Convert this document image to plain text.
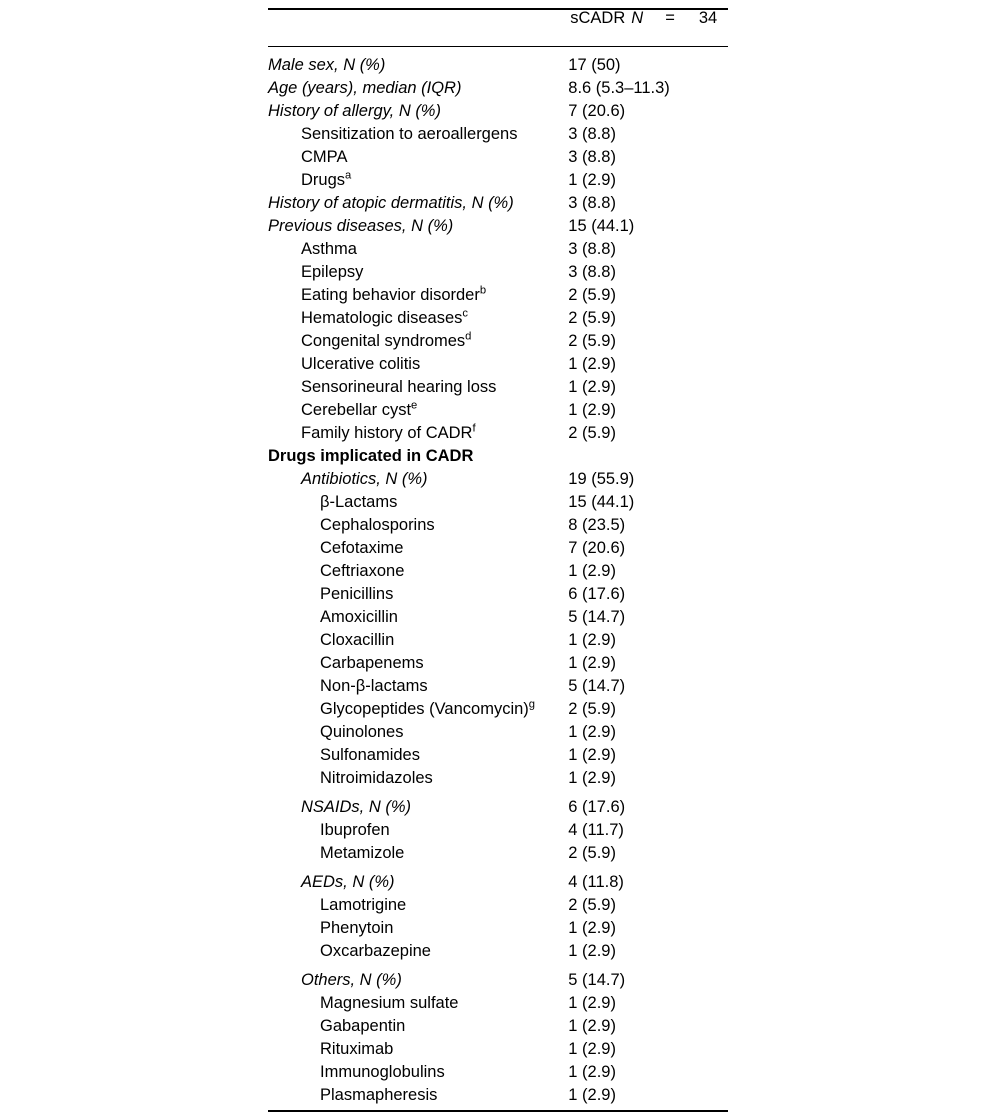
	sCADR N = 34

Male sex, N (%)	17 (50)
Age (years), median (IQR)	8.6 (5.3–11.3)
History of allergy, N (%)	7 (20.6)
Sensitization to aeroallergens	3 (8.8)
CMPA	3 (8.8)
Drugs$^a$	1 (2.9)
History of atopic dermatitis, N (%)	3 (8.8)
Previous diseases, N (%)	15 (44.1)
Asthma	3 (8.8)
Epilepsy	3 (8.8)
Eating behavior disorder$^b$	2 (5.9)
Hematologic diseases$^c$	2 (5.9)
Congenital syndromes$^d$	2 (5.9)
Ulcerative colitis	1 (2.9)
Sensorineural hearing loss	1 (2.9)
Cerebellar cyst$^e$	1 (2.9)
Family history of CADR$^f$	2 (5.9)
Drugs implicated in CADR	
Antibiotics, N (%)	19 (55.9)
β-Lactams	15 (44.1)
Cephalosporins	8 (23.5)
Cefotaxime	7 (20.6)
Ceftriaxone	1 (2.9)
Penicillins	6 (17.6)
Amoxicillin	5 (14.7)
Cloxacillin	1 (2.9)
Carbapenems	1 (2.9)
Non-β-lactams	5 (14.7)
Glycopeptides (Vancomycin)$^g$	2 (5.9)
Quinolones	1 (2.9)
Sulfonamides	1 (2.9)
Nitroimidazoles	1 (2.9)

NSAIDs, N (%)	6 (17.6)
Ibuprofen	4 (11.7)
Metamizole	2 (5.9)

AEDs, N (%)	4 (11.8)
Lamotrigine	2 (5.9)
Phenytoin	1 (2.9)
Oxcarbazepine	1 (2.9)

Others, N (%)	5 (14.7)
Magnesium sulfate	1 (2.9)
Gabapentin	1 (2.9)
Rituximab	1 (2.9)
Immunoglobulins	1 (2.9)
Plasmapheresis	1 (2.9)
